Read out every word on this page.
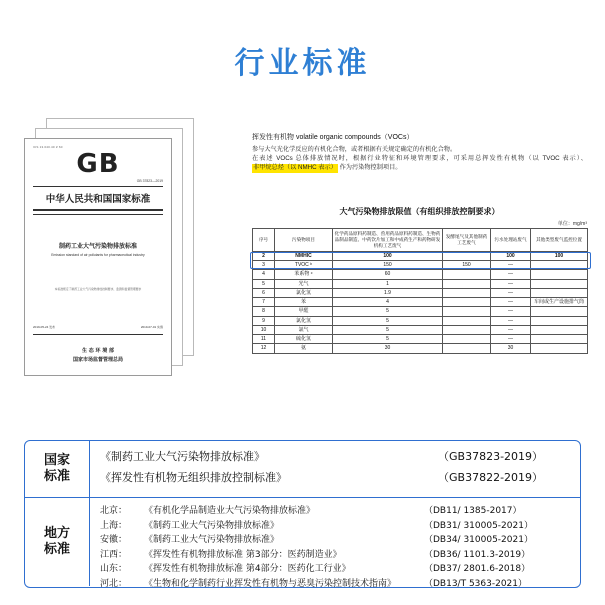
行业标准
ICS 13.040.40 Z 60
GB
GB 37823—2019
中华人民共和国国家标准
制药工业大气污染物排放标准
Emission standard of air pollutants for pharmaceutical industry
本标准规定了制药工业大气污染物排放控制要求、监测和监督管理要求
2019-05-24 发布	2019-07-01 实施
生 态 环 境 部
国家市场监督管理总局
挥发性有机物 volatile organic compounds（VOCs）
参与大气光化学反应的有机化合物，或者根据有关规定确定的有机化合物。
在表述 VOCs 总体排放情况时，根据行业特征和环境管理要求，可采用总挥发性有机物（以 TVOC 表示）、 非甲烷总烃（以 NMHC 表示） 作为污染物控制项目。
大气污染物排放限值（有组织排放控制要求）
单位：mg/m³
序号	污染物项目	化学药品原料药制造、兽用药品原料药制造、生物药品制品制造、中药饮片加工和中成药生产和药物研发机构工艺废气	发酵尾气及其他制药工艺废气	污水处理站废气	其他类型废气监控位置
2	NMHIC	100		100	100
3	TVOC ᵇ	150	150	—	
4	苯系物 ᶜ	60		—	
5	光气	1		—	
6	氯化氢	1.9		—	
7	苯	4		—	车间或生产设施排气筒
8	甲醛	5		—	
9	氯化氢	5		—	
10	氯气	5		—	
11	硫化氢	5		—	
12	氨	30		30	
国家
标准
《制药工业大气污染物排放标准》	（GB37823-2019）
《挥发性有机物无组织排放控制标准》	（GB37822-2019）
地方
标准
北京：	《有机化学品制造业大气污染物排放标准》	（DB11/ 1385-2017）
上海：	《制药工业大气污染物排放标准》	（DB31/ 310005-2021）
安徽：	《制药工业大气污染物排放标准》	（DB34/ 310005-2021）
江西：	《挥发性有机物排放标准 第3部分：医药制造业》	（DB36/ 1101.3-2019）
山东：	《挥发性有机物排放标准 第4部分：医药化工行业》	（DB37/ 2801.6-2018）
河北：	《生物和化学制药行业挥发性有机物与恶臭污染控制技术指南》	（DB13/T 5363-2021）
